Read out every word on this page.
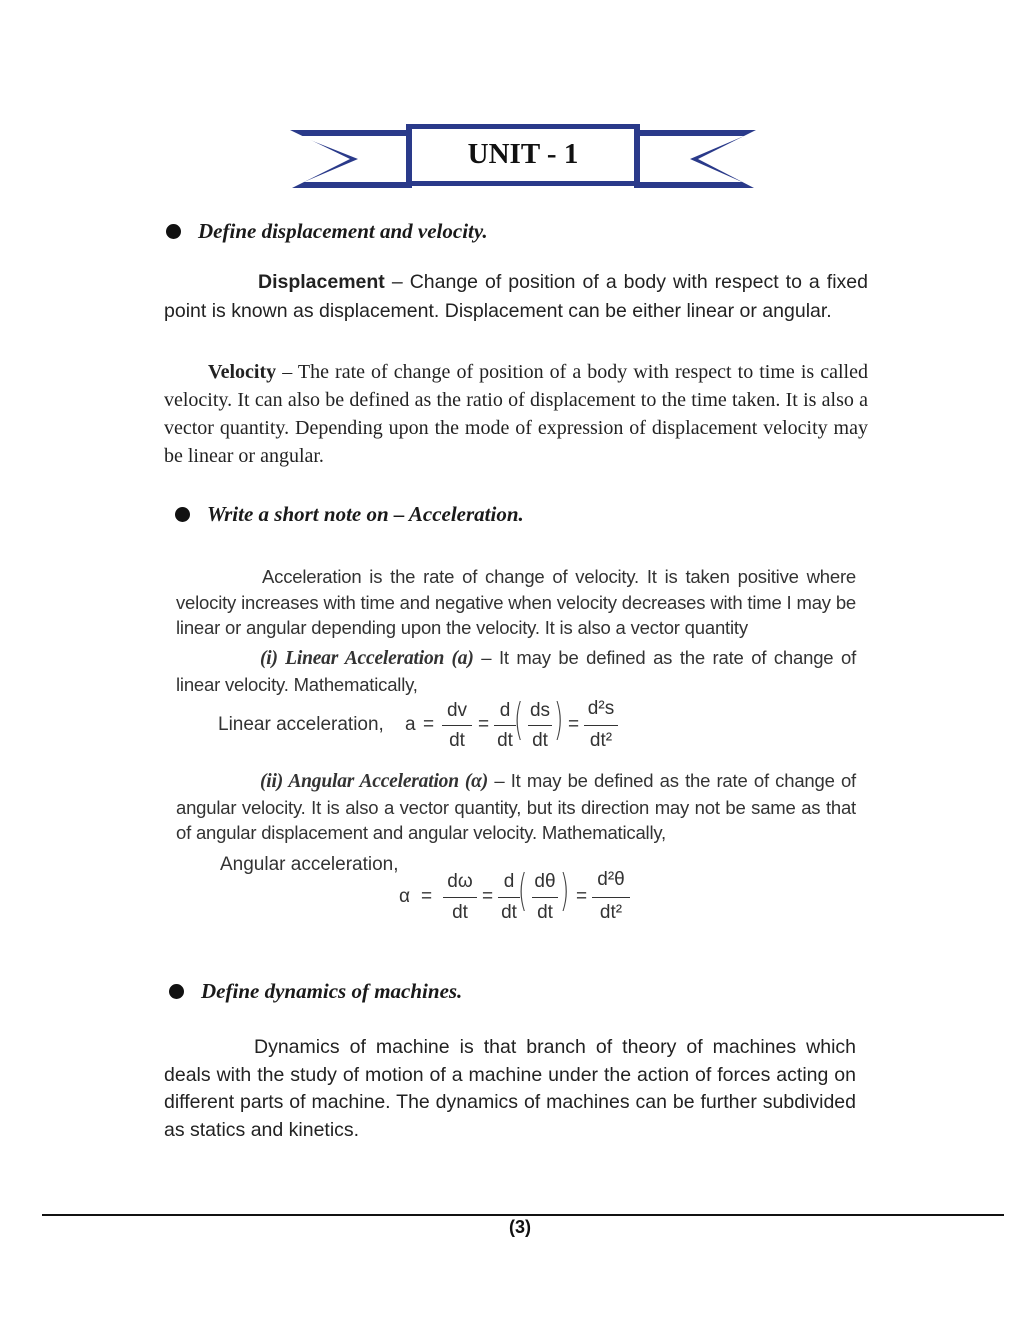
UNIT - 1
Define displacement and velocity.

Displacement – Change of position of a body with respect to a fixed point is known as displacement. Displacement can be either linear or angular.

Velocity – The rate of change of position of a body with respect to time is called velocity. It can also be defined as the ratio of displacement to the time taken. It is also a vector quantity. Depending upon the mode of expression of displacement velocity may be linear or angular.

Write a short note on – Acceleration.

Acceleration is the rate of change of velocity. It is taken positive where velocity increases with time and negative when velocity decreases with time I may be linear or angular depending upon the velocity. It is also a vector quantity

(i) Linear Acceleration (a) – It may be defined as the rate of change of linear velocity. Mathematically,

Linear acceleration, a =
dv
dt
=
d
dt ( ds
dt ) =
d²s
dt²

(ii) Angular Acceleration (α) – It may be defined as the rate of change of angular velocity. It is also a vector quantity, but its direction may not be same as that of angular displacement and angular velocity. Mathematically,

Angular acceleration,
α =
dω
dt
=
d
dt ( dθ
dt ) =
d²θ
dt²
Define dynamics of machines.

Dynamics of machine is that branch of theory of machines which deals with the study of motion of a machine under the action of forces acting on different parts of machine. The dynamics of machines can be further subdivided as statics and kinetics.

(3)
